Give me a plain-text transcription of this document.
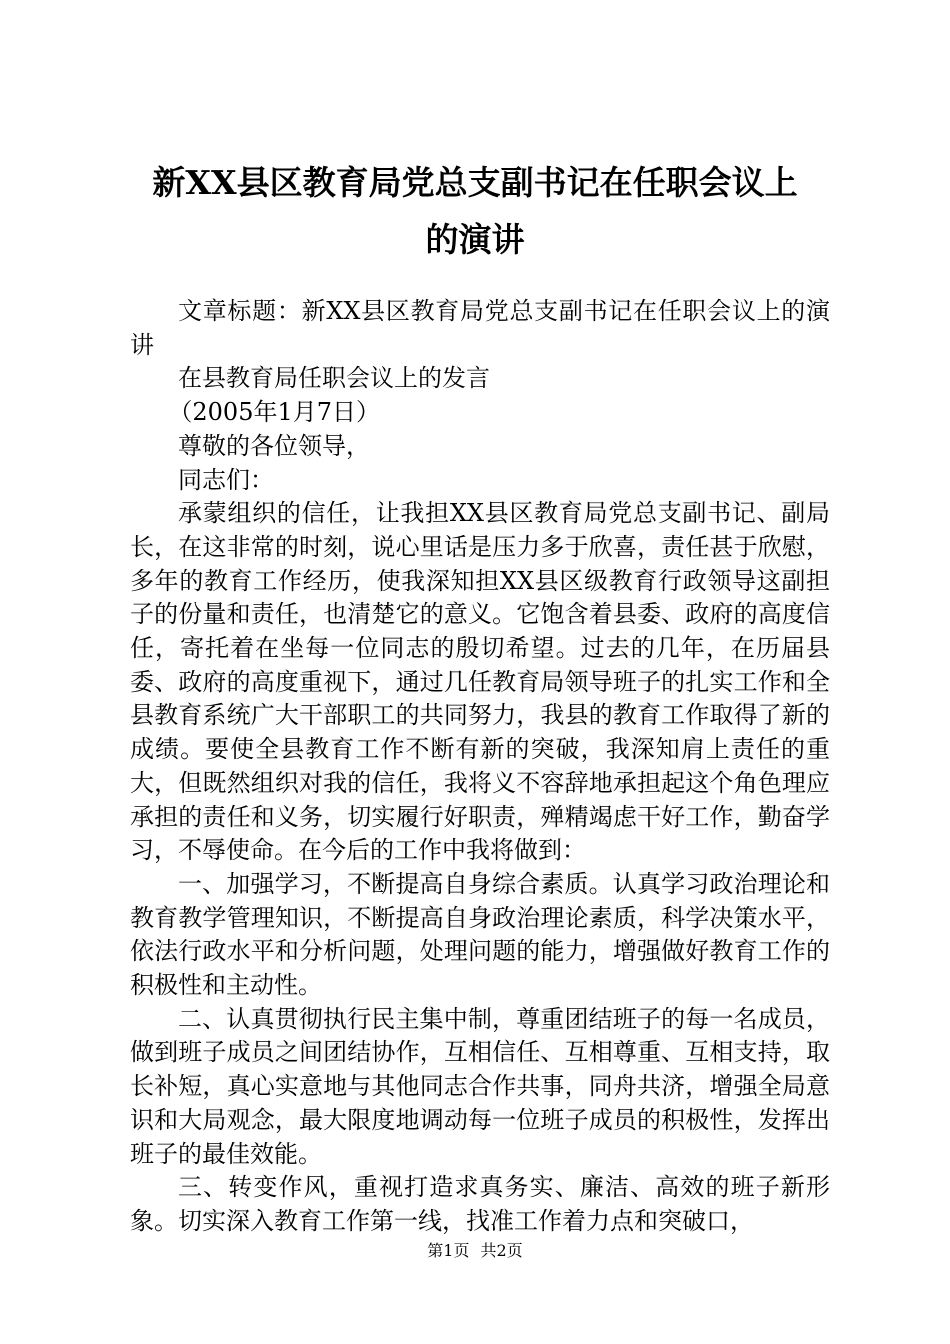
新XX县区教育局党总支副书记在任职会议上
的演讲

文章标题：新XX县区教育局党总支副书记在任职会议上的演讲

在县教育局任职会议上的发言

（2005年1月7日）

尊敬的各位领导，

同志们：

承蒙组织的信任，让我担XX县区教育局党总支副书记、副局长，在这非常的时刻，说心里话是压力多于欣喜，责任甚于欣慰，多年的教育工作经历，使我深知担XX县区级教育行政领导这副担子的份量和责任，也清楚它的意义。它饱含着县委、政府的高度信任，寄托着在坐每一位同志的殷切希望。过去的几年，在历届县委、政府的高度重视下，通过几任教育局领导班子的扎实工作和全县教育系统广大干部职工的共同努力，我县的教育工作取得了新的成绩。要使全县教育工作不断有新的突破，我深知肩上责任的重大，但既然组织对我的信任，我将义不容辞地承担起这个角色理应承担的责任和义务，切实履行好职责，殚精竭虑干好工作，勤奋学习，不辱使命。在今后的工作中我将做到：

一、加强学习，不断提高自身综合素质。认真学习政治理论和教育教学管理知识，不断提高自身政治理论素质，科学决策水平，依法行政水平和分析问题，处理问题的能力，增强做好教育工作的积极性和主动性。

二、认真贯彻执行民主集中制，尊重团结班子的每一名成员，做到班子成员之间团结协作，互相信任、互相尊重、互相支持，取长补短，真心实意地与其他同志合作共事，同舟共济，增强全局意识和大局观念，最大限度地调动每一位班子成员的积极性，发挥出班子的最佳效能。

三、转变作风，重视打造求真务实、廉洁、高效的班子新形象。切实深入教育工作第一线，找准工作着力点和突破口，

第1页 共2页
